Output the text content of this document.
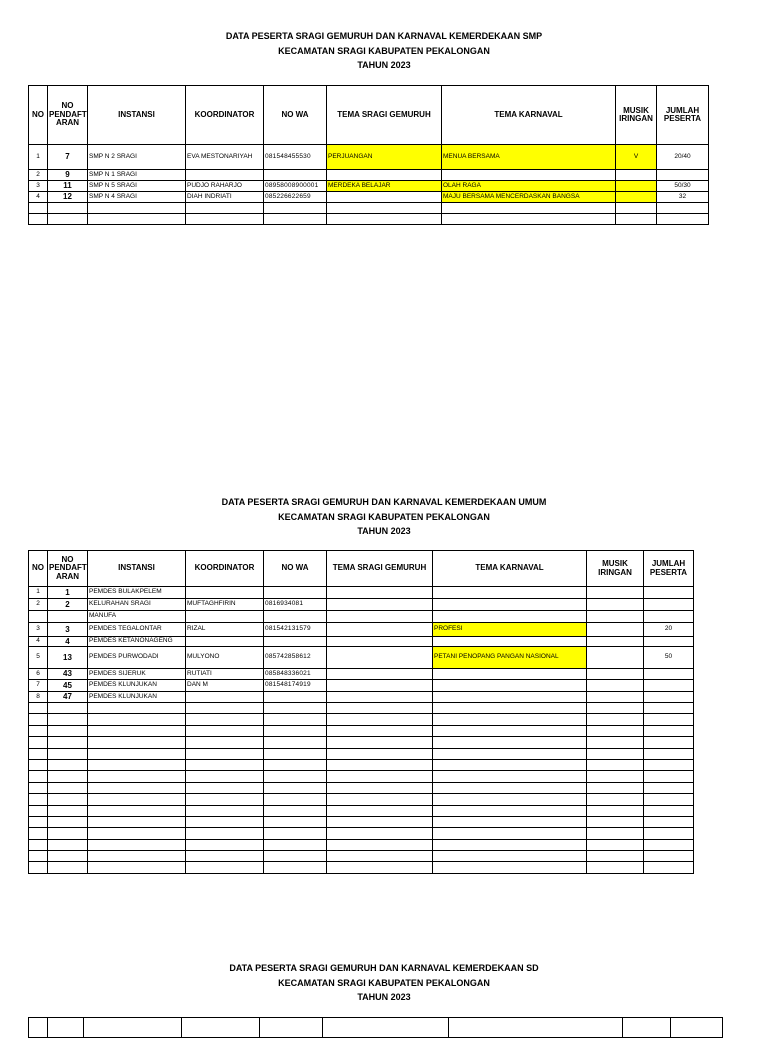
DATA PESERTA SRAGI GEMURUH DAN KARNAVAL KEMERDEKAAN SMP
KECAMATAN SRAGI KABUPATEN PEKALONGAN
TAHUN 2023
NO	NO PENDAFT ARAN	INSTANSI	KOORDINATOR	NO WA	TEMA SRAGI GEMURUH	TEMA KARNAVAL	MUSIK IRINGAN	JUMLAH PESERTA
1	7	SMP N 2 SRAGI	EVA MESTONARIYAH	081548455530	PERJUANGAN	MENUA BERSAMA	V	20/40
2	9	SMP N 1 SRAGI						
3	11	SMP N 5 SRAGI	PUDJO RAHARJO	08958008900001	MERDEKA BELAJAR	OLAH RAGA		50/30
4	12	SMP N 4 SRAGI	DIAH INDRIATI	085226622659		MAJU BERSAMA MENCERDASKAN BANGSA		32

DATA PESERTA SRAGI GEMURUH DAN KARNAVAL KEMERDEKAAN UMUM
KECAMATAN SRAGI KABUPATEN PEKALONGAN
TAHUN 2023
NO	NO PENDAFT ARAN	INSTANSI	KOORDINATOR	NO WA	TEMA SRAGI GEMURUH	TEMA KARNAVAL	MUSIK IRINGAN	JUMLAH PESERTA
1	1	PEMDES BULAKPELEM						
2	2	KELURAHAN SRAGI	MUFTAGHFIRIN	0816934081				
		MANUFA						
3	3	PEMDES TEGALONTAR	RIZAL	081542131579		PROFESI		20
4	4	PEMDES KETANONAGENG						
5	13	PEMDES PURWODADI	MULYONO	085742858612		PETANI PENOPANG PANGAN NASIONAL		50
6	43	PEMDES SIJERUK	RUTIATI	085848336021				
7	45	PEMDES KLUNJUKAN	DAN M	081548174919				
8	47	PEMDES KLUNJUKAN						

DATA PESERTA SRAGI GEMURUH DAN KARNAVAL KEMERDEKAAN SD
KECAMATAN SRAGI KABUPATEN PEKALONGAN
TAHUN 2023
